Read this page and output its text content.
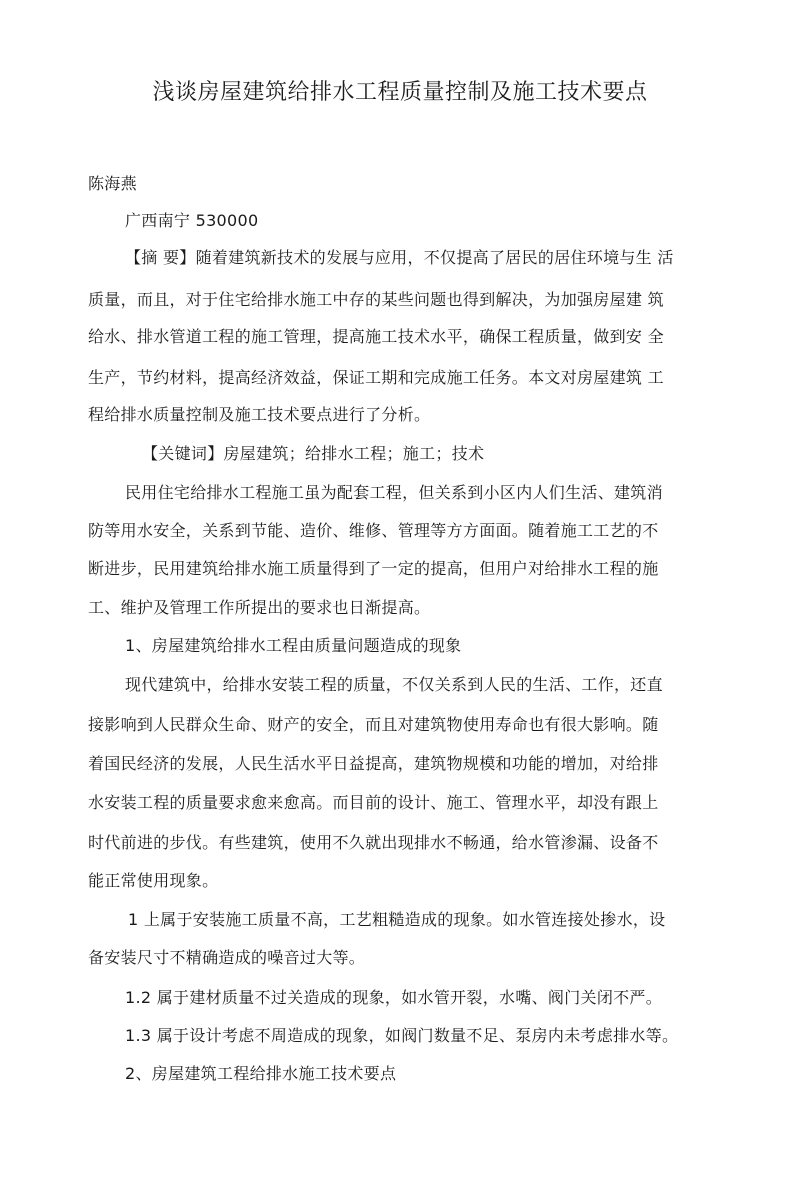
浅谈房屋建筑给排水工程质量控制及施工技术要点
陈海燕
广西南宁 530000
【摘 要】随着建筑新技术的发展与应用，不仅提高了居民的居住环境与生 活
质量，而且，对于住宅给排水施工中存的某些问题也得到解决，为加强房屋建 筑
给水、排水管道工程的施工管理，提高施工技术水平，确保工程质量，做到安 全
生产，节约材料，提高经济效益，保证工期和完成施工任务。本文对房屋建筑 工
程给排水质量控制及施工技术要点进行了分析。
【关键词】房屋建筑；给排水工程；施工；技术
民用住宅给排水工程施工虽为配套工程，但关系到小区内人们生活、建筑消
防等用水安全，关系到节能、造价、维修、管理等方方面面。随着施工工艺的不
断进步，民用建筑给排水施工质量得到了一定的提高，但用户对给排水工程的施
工、维护及管理工作所提出的要求也日渐提高。
1、房屋建筑给排水工程由质量问题造成的现象
现代建筑中，给排水安装工程的质量，不仅关系到人民的生活、工作，还直
接影响到人民群众生命、财产的安全，而且对建筑物使用寿命也有很大影响。随
着国民经济的发展，人民生活水平日益提高，建筑物规模和功能的增加，对给排
水安装工程的质量要求愈来愈高。而目前的设计、施工、管理水平，却没有跟上
时代前进的步伐。有些建筑，使用不久就出现排水不畅通，给水管渗漏、设备不
能正常使用现象。
1 上属于安装施工质量不高，工艺粗糙造成的现象。如水管连接处掺水，设
备安装尺寸不精确造成的噪音过大等。
1.2 属于建材质量不过关造成的现象，如水管开裂，水嘴、阀门关闭不严。
1.3 属于设计考虑不周造成的现象，如阀门数量不足、泵房内未考虑排水等。
2、房屋建筑工程给排水施工技术要点
